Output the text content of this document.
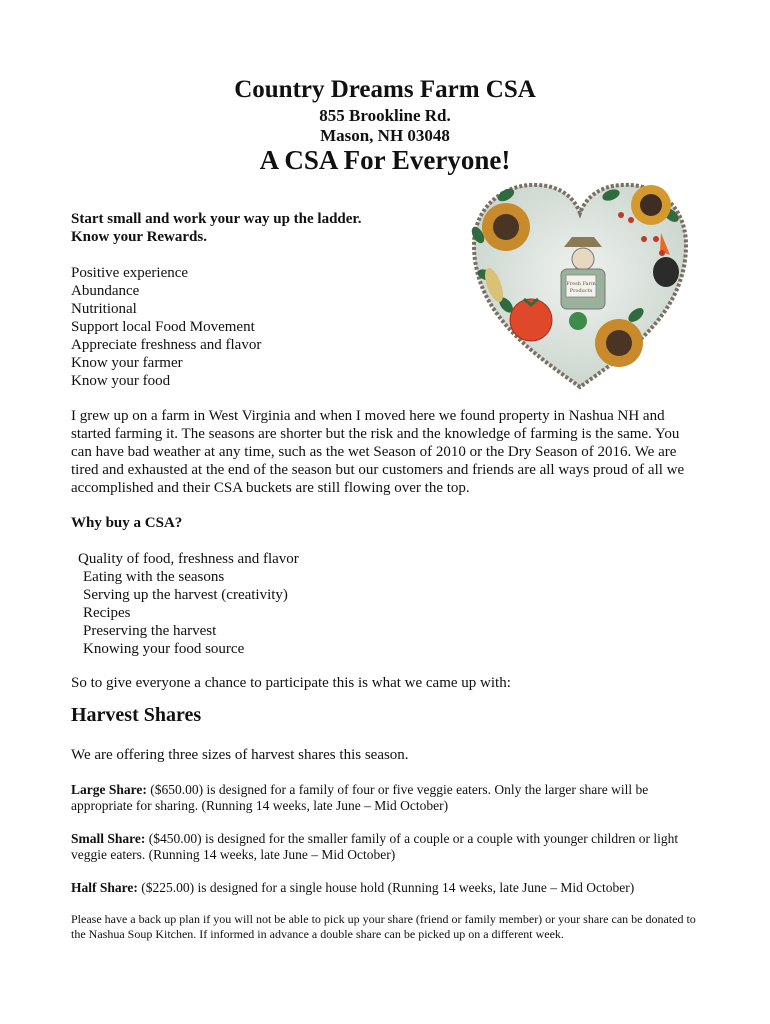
Country Dreams Farm CSA
855 Brookline Rd.
Mason, NH 03048
A CSA For Everyone!
Start small and work your way up the ladder.
Know your Rewards.
Positive experience
Abundance
Nutritional
Support local Food Movement
Appreciate freshness and flavor
Know your farmer
Know your food
Fresh Farm
Products
I grew up on a farm in West Virginia and when I moved here we found property in Nashua NH and started farming it. The seasons are shorter but the risk and the knowledge of farming is the same. You can have bad weather at any time, such as the wet Season of 2010 or the Dry Season of 2016. We are tired and exhausted at the end of the season but our customers and friends are all ways proud of all we accomplished and their CSA buckets are still flowing over the top.
Why buy a CSA?
Quality of food, freshness and flavor
Eating with the seasons
Serving up the harvest (creativity)
Recipes
Preserving the harvest
Knowing your food source
So to give everyone a chance to participate this is what we came up with:
Harvest Shares
We are offering three sizes of harvest shares this season.
Large Share: ($650.00) is designed for a family of four or five veggie eaters. Only the larger share will be appropriate for sharing. (Running 14 weeks, late June – Mid October)
Small Share: ($450.00) is designed for the smaller family of a couple or a couple with younger children or light veggie eaters. (Running 14 weeks, late June – Mid October)
Half Share: ($225.00) is designed for a single house hold (Running 14 weeks, late June – Mid October)
Please have a back up plan if you will not be able to pick up your share (friend or family member) or your share can be donated to the Nashua Soup Kitchen. If informed in advance a double share can be picked up on a different week.
